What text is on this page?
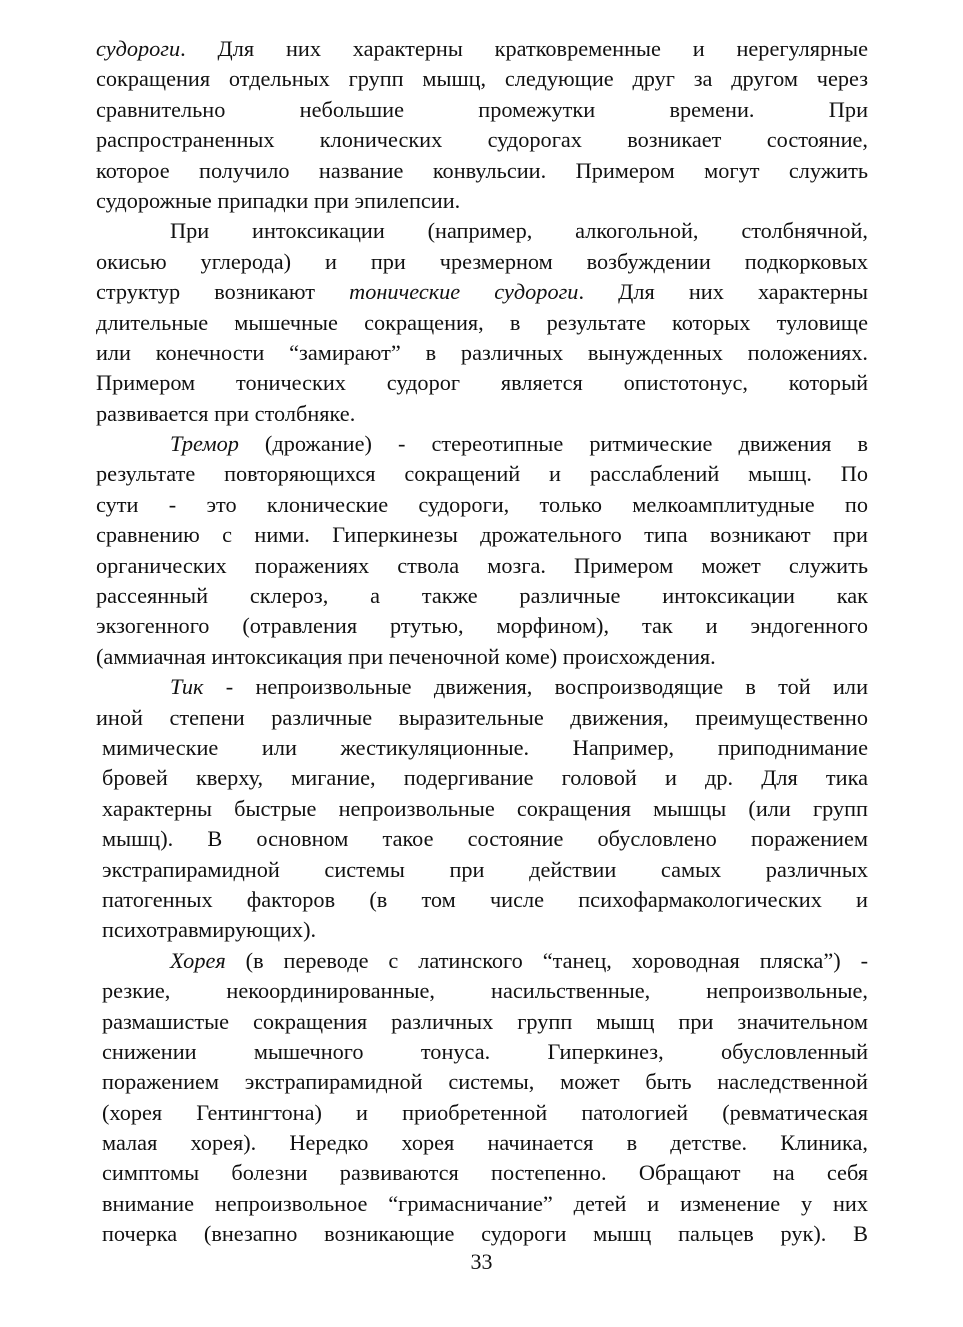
судороги. Для них характерны кратковременные и нерегулярные
сокращения отдельных групп мышц, следующие друг за другом через
сравнительно небольшие промежутки времени. При
распространенных клонических судорогах возникает состояние,
которое получило название конвульсии. Примером могут служить
судорожные припадки при эпилепсии.
При интоксикации (например, алкогольной, столбнячной,
окисью углерода) и при чрезмерном возбуждении подкорковых
структур возникают тонические судороги. Для них характерны
длительные мышечные сокращения, в результате которых туловище
или конечности “замирают” в различных вынужденных положениях.
Примером тонических судорог является опистотонус, который
развивается при столбняке.
Тремор (дрожание) - стереотипные ритмические движения в
результате повторяющихся сокращений и расслаблений мышц. По
сути - это клонические судороги, только мелкоамплитудные по
сравнению с ними. Гиперкинезы дрожательного типа возникают при
органических поражениях ствола мозга. Примером может служить
рассеянный склероз, а также различные интоксикации как
экзогенного (отравления ртутью, морфином), так и эндогенного
(аммиачная интоксикация при печеночной коме) происхождения.
Тик - непроизвольные движения, воспроизводящие в той или
иной степени различные выразительные движения, преимущественно
мимические или жестикуляционные. Например, приподнимание
бровей кверху, мигание, подергивание головой и др. Для тика
характерны быстрые непроизвольные сокращения мышцы (или групп
мышц). В основном такое состояние обусловлено поражением
экстрапирамидной системы при действии самых различных
патогенных факторов (в том числе психофармакологических и
психотравмирующих).
Хорея (в переводе с латинского “танец, хороводная пляска”) -
резкие, некоординированные, насильственные, непроизвольные,
размашистые сокращения различных групп мышц при значительном
снижении мышечного тонуса. Гиперкинез, обусловленный
поражением экстрапирамидной системы, может быть наследственной
(хорея Гентингтона) и приобретенной патологией (ревматическая
малая хорея). Нередко хорея начинается в детстве. Клиника,
симптомы болезни развиваются постепенно. Обращают на себя
внимание непроизвольное “гримасничание” детей и изменение у них
почерка (внезапно возникающие судороги мышц пальцев рук). В
33
